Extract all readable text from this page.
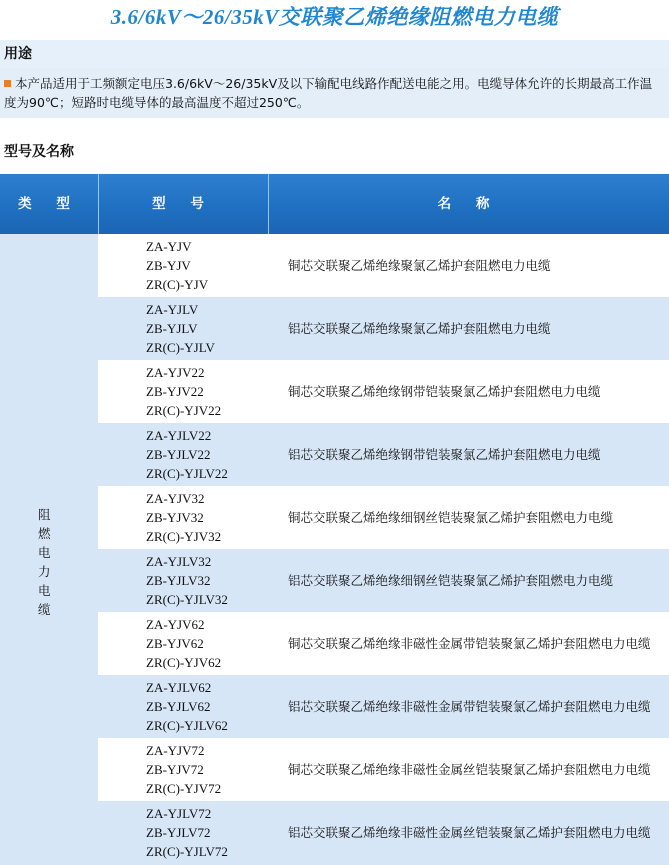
3.6/6kV～26/35kV交联聚乙烯绝缘阻燃电力电缆
用途
本产品适用于工频额定电压3.6/6kV～26/35kV及以下输配电线路作配送电能之用。电缆导体允许的长期最高工作温度为90℃；短路时电缆导体的最高温度不超过250℃。
型号及名称
类 型	型 号	名 称
阻
燃
电
力
电
缆
ZA-YJV
ZB-YJV
ZR(C)-YJV
铜芯交联聚乙烯绝缘聚氯乙烯护套阻燃电力电缆
ZA-YJLV
ZB-YJLV
ZR(C)-YJLV
铝芯交联聚乙烯绝缘聚氯乙烯护套阻燃电力电缆
ZA-YJV22
ZB-YJV22
ZR(C)-YJV22
铜芯交联聚乙烯绝缘钢带铠装聚氯乙烯护套阻燃电力电缆
ZA-YJLV22
ZB-YJLV22
ZR(C)-YJLV22
铝芯交联聚乙烯绝缘钢带铠装聚氯乙烯护套阻燃电力电缆
ZA-YJV32
ZB-YJV32
ZR(C)-YJV32
铜芯交联聚乙烯绝缘细钢丝铠装聚氯乙烯护套阻燃电力电缆
ZA-YJLV32
ZB-YJLV32
ZR(C)-YJLV32
铝芯交联聚乙烯绝缘细钢丝铠装聚氯乙烯护套阻燃电力电缆
ZA-YJV62
ZB-YJV62
ZR(C)-YJV62
铜芯交联聚乙烯绝缘非磁性金属带铠装聚氯乙烯护套阻燃电力电缆
ZA-YJLV62
ZB-YJLV62
ZR(C)-YJLV62
铝芯交联聚乙烯绝缘非磁性金属带铠装聚氯乙烯护套阻燃电力电缆
ZA-YJV72
ZB-YJV72
ZR(C)-YJV72
铜芯交联聚乙烯绝缘非磁性金属丝铠装聚氯乙烯护套阻燃电力电缆
ZA-YJLV72
ZB-YJLV72
ZR(C)-YJLV72
铝芯交联聚乙烯绝缘非磁性金属丝铠装聚氯乙烯护套阻燃电力电缆
